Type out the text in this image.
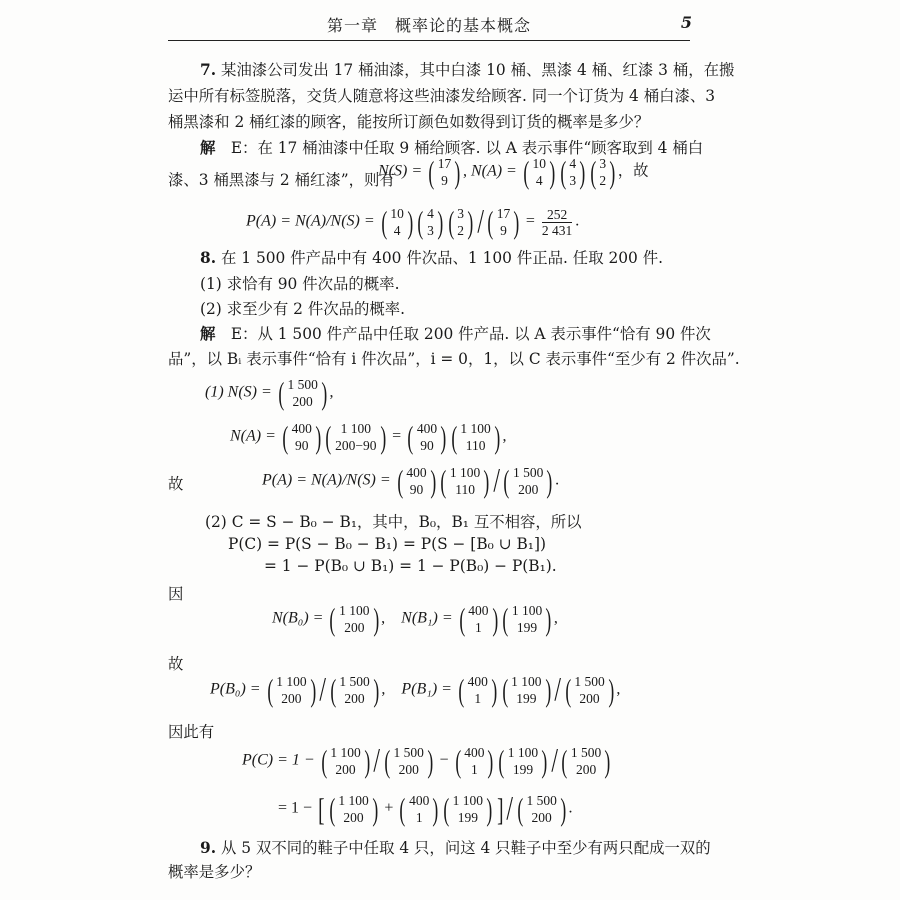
第一章　概率论的基本概念	5
7. 某油漆公司发出 17 桶油漆，其中白漆 10 桶、黑漆 4 桶、红漆 3 桶，在搬
运中所有标签脱落，交货人随意将这些油漆发给顾客. 同一个订货为 4 桶白漆、3
桶黑漆和 2 桶红漆的顾客，能按所订颜色如数得到订货的概率是多少？
解　 E：在 17 桶油漆中任取 9 桶给顾客. 以 A 表示事件“顾客取到 4 桶白
漆、3 桶黑漆与 2 桶红漆”，则有
N(S) = ( 17
9 ) , N(A) = ( 10
4 ) ( 4
3 ) ( 3
2 ) ，故
P(A) = N(A)/N(S) = ( 10
4 ) ( 4
3 ) ( 3
2 ) / ( 17
9 ) = $\frac{252}{2 431}$ .
8. 在 1 500 件产品中有 400 件次品、1 100 件正品. 任取 200 件.
(1) 求恰有 90 件次品的概率.
(2) 求至少有 2 件次品的概率.
解　 E：从 1 500 件产品中任取 200 件产品. 以 A 表示事件“恰有 90 件次
品”，以 Bᵢ 表示事件“恰有 i 件次品”，i = 0，1，以 C 表示事件“至少有 2 件次品”.
(1) N(S) = ( 1 500
200 ) ,
N(A) = ( 400
90 ) ( 1 100
200−90 ) = ( 400
90 ) ( 1 100
110 ) ,
故	P(A) = N(A)/N(S) = ( 400
90 ) ( 1 100
110 ) / ( 1 500
200 ) .
(2) C = S − B₀ − B₁，其中，B₀，B₁ 互不相容，所以
P(C) = P(S − B₀ − B₁) = P(S − [B₀ ∪ B₁])
= 1 − P(B₀ ∪ B₁) = 1 − P(B₀) − P(B₁).
因
N(B₀) = ( 1 100
200 ) ,    N(B₁) = ( 400
1 ) ( 1 100
199 ) ,
故
P(B₀) = ( 1 100
200 ) / ( 1 500
200 ) ,    P(B₁) = ( 400
1 ) ( 1 100
199 ) / ( 1 500
200 ) ,
因此有
P(C) = 1 − ( 1 100
200 ) / ( 1 500
200 ) − ( 400
1 ) ( 1 100
199 ) / ( 1 500
200 )
= 1 − [ ( 1 100
200 ) + ( 400
1 ) ( 1 100
199 ) ] / ( 1 500
200 ) .
9. 从 5 双不同的鞋子中任取 4 只，问这 4 只鞋子中至少有两只配成一双的
概率是多少？
